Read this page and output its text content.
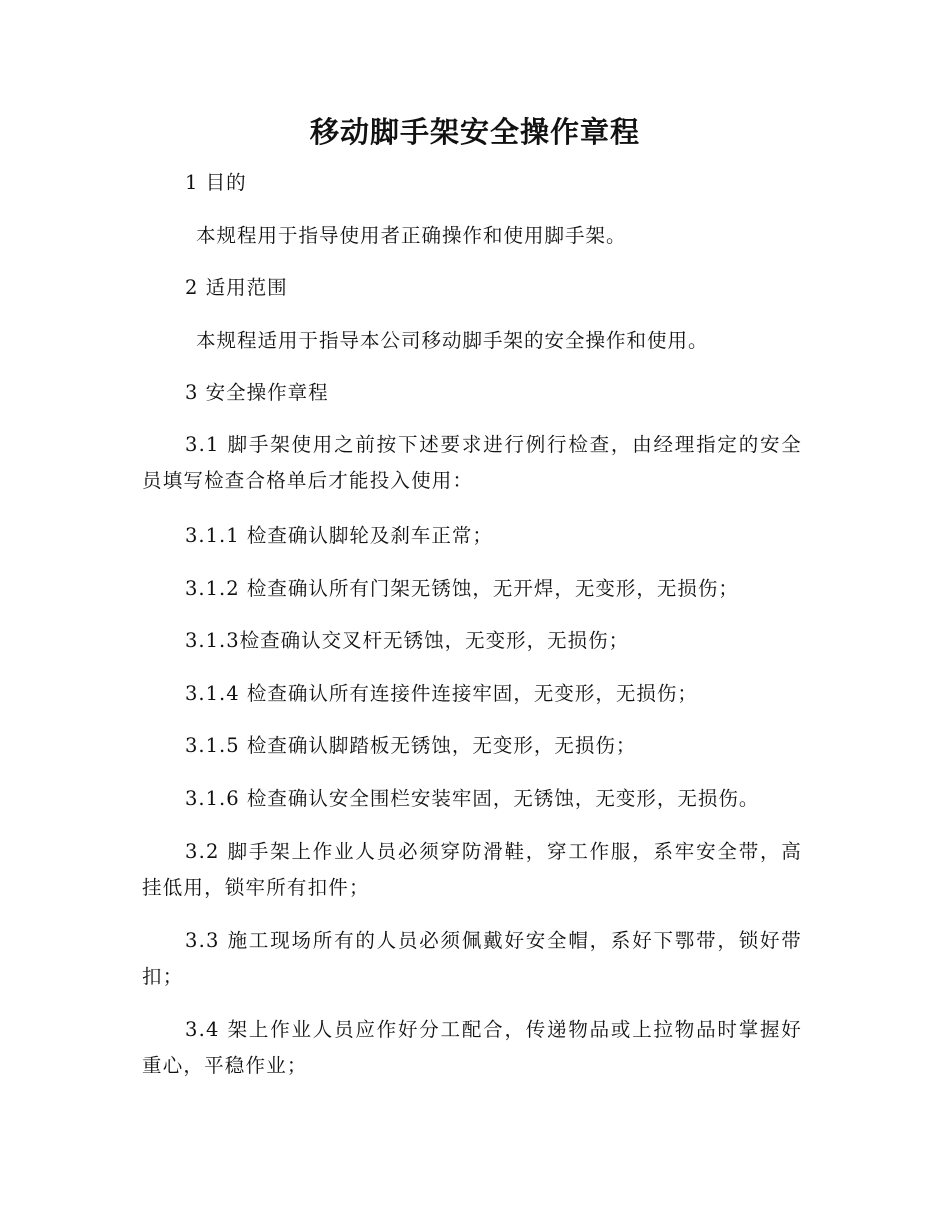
移动脚手架安全操作章程
1 目的
本规程用于指导使用者正确操作和使用脚手架。
2 适用范围
本规程适用于指导本公司移动脚手架的安全操作和使用。
3 安全操作章程
3.1 脚手架使用之前按下述要求进行例行检查，由经理指定的安全员填写检查合格单后才能投入使用：
3.1.1 检查确认脚轮及刹车正常；
3.1.2 检查确认所有门架无锈蚀，无开焊，无变形，无损伤；
3.1.3检查确认交叉杆无锈蚀，无变形，无损伤；
3.1.4 检查确认所有连接件连接牢固，无变形，无损伤；
3.1.5 检查确认脚踏板无锈蚀，无变形，无损伤；
3.1.6 检查确认安全围栏安装牢固，无锈蚀，无变形，无损伤。
3.2 脚手架上作业人员必须穿防滑鞋，穿工作服，系牢安全带，高挂低用，锁牢所有扣件；
3.3 施工现场所有的人员必须佩戴好安全帽，系好下鄂带，锁好带扣；
3.4 架上作业人员应作好分工配合，传递物品或上拉物品时掌握好重心，平稳作业；
